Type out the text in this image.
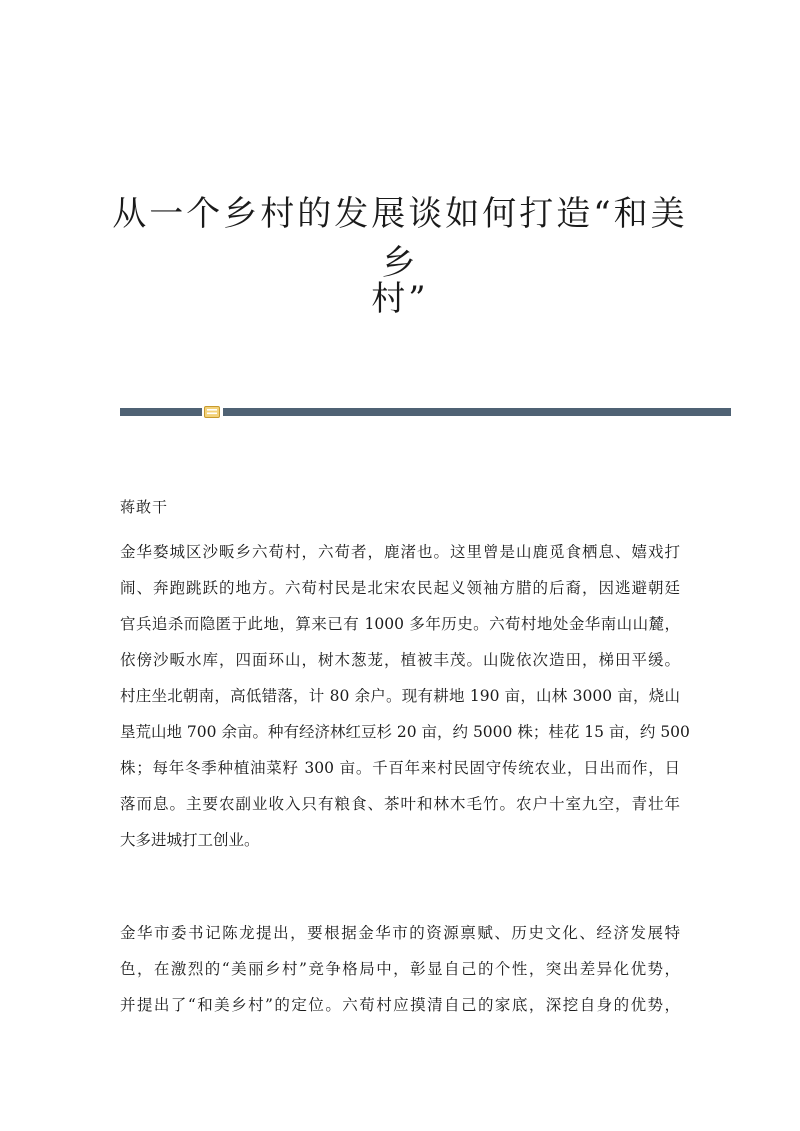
从一个乡村的发展谈如何打造“和美乡
村”
蒋敢干
金华婺城区沙畈乡六荀村，六荀者，鹿渚也。这里曾是山鹿觅食栖息、嬉戏打
闹、奔跑跳跃的地方。六荀村民是北宋农民起义领袖方腊的后裔，因逃避朝廷
官兵追杀而隐匿于此地，算来已有 1000 多年历史。六荀村地处金华南山山麓，
依傍沙畈水库，四面环山，树木葱茏，植被丰茂。山陇依次造田，梯田平缓。
村庄坐北朝南，高低错落，计 80 余户。现有耕地 190 亩，山林 3000 亩，烧山
垦荒山地 700 余亩。种有经济林红豆杉 20 亩，约 5000 株；桂花 15 亩，约 500
株；每年冬季种植油菜籽 300 亩。千百年来村民固守传统农业，日出而作，日
落而息。主要农副业收入只有粮食、茶叶和林木毛竹。农户十室九空，青壮年
大多进城打工创业。
金华市委书记陈龙提出，要根据金华市的资源禀赋、历史文化、经济发展特
色，在激烈的“美丽乡村”竞争格局中，彰显自己的个性，突出差异化优势，
并提出了“和美乡村”的定位。六荀村应摸清自己的家底，深挖自身的优势，
